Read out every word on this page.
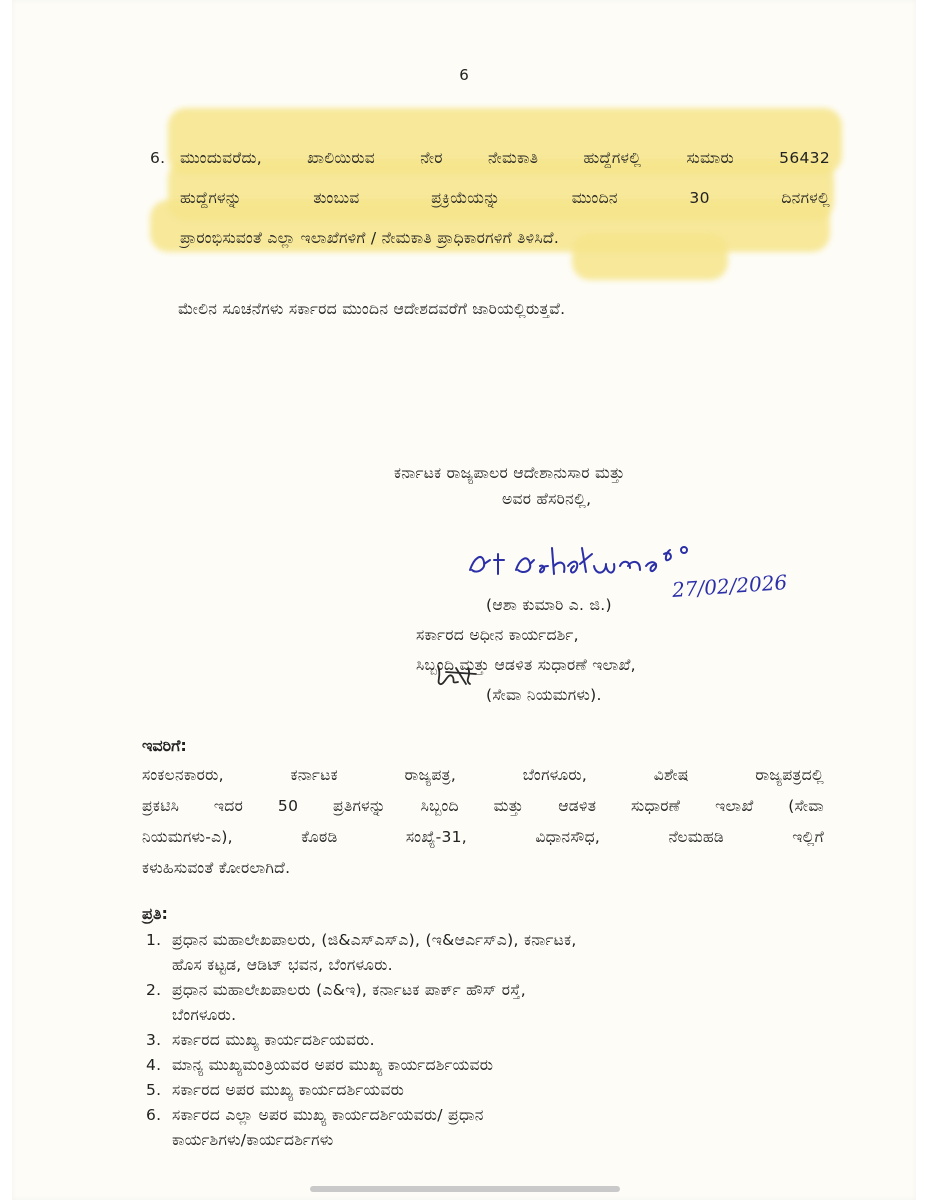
6
6. ಮುಂದುವರೆದು, ಖಾಲಿಯಿರುವ ನೇರ ನೇಮಕಾತಿ ಹುದ್ದೆಗಳಲ್ಲಿ ಸುಮಾರು 56432
ಹುದ್ದೆಗಳನ್ನು ತುಂಬುವ ಪ್ರಕ್ರಿಯೆಯನ್ನು ಮುಂದಿನ 30 ದಿನಗಳಲ್ಲಿ
ಪ್ರಾರಂಭಿಸುವಂತೆ ಎಲ್ಲಾ ಇಲಾಖೆಗಳಿಗೆ / ನೇಮಕಾತಿ ಪ್ರಾಧಿಕಾರಗಳಿಗೆ ತಿಳಿಸಿದೆ.
ಮೇಲಿನ ಸೂಚನೆಗಳು ಸರ್ಕಾರದ ಮುಂದಿನ ಆದೇಶದವರೆಗೆ ಜಾರಿಯಲ್ಲಿರುತ್ತವೆ.
ಕರ್ನಾಟಕ ರಾಜ್ಯಪಾಲರ ಆದೇಶಾನುಸಾರ ಮತ್ತು
ಅವರ ಹೆಸರಿನಲ್ಲಿ,
27/02/2026
(ಆಶಾ ಕುಮಾರಿ ಎ. ಜಿ.)
ಸರ್ಕಾರದ ಅಧೀನ ಕಾರ್ಯದರ್ಶಿ,
ಸಿಬ್ಬಂದಿ ಮತ್ತು ಆಡಳಿತ ಸುಧಾರಣೆ ಇಲಾಖೆ,
(ಸೇವಾ ನಿಯಮಗಳು).
ಇವರಿಗೆ:
ಸಂಕಲನಕಾರರು, ಕರ್ನಾಟಕ ರಾಜ್ಯಪತ್ರ, ಬೆಂಗಳೂರು, ವಿಶೇಷ ರಾಜ್ಯಪತ್ರದಲ್ಲಿ
ಪ್ರಕಟಿಸಿ ಇದರ 50 ಪ್ರತಿಗಳನ್ನು ಸಿಬ್ಬಂದಿ ಮತ್ತು ಆಡಳಿತ ಸುಧಾರಣೆ ಇಲಾಖೆ (ಸೇವಾ
ನಿಯಮಗಳು-ಎ), ಕೊಠಡಿ ಸಂಖ್ಯೆ-31, ವಿಧಾನಸೌಧ, ನೆಲಮಹಡಿ ಇಲ್ಲಿಗೆ
ಕಳುಹಿಸುವಂತೆ ಕೋರಲಾಗಿದೆ.
ಪ್ರತಿ:
1. ಪ್ರಧಾನ ಮಹಾಲೇಖಪಾಲರು, (ಜಿ&ಎಸ್ಎಸ್ಎ), (ಇ&ಆರ್ಎಸ್ಎ), ಕರ್ನಾಟಕ,
ಹೊಸ ಕಟ್ಟಡ, ಆಡಿಟ್ ಭವನ, ಬೆಂಗಳೂರು.
2. ಪ್ರಧಾನ ಮಹಾಲೇಖಪಾಲರು (ಎ&ಇ), ಕರ್ನಾಟಕ ಪಾರ್ಕ್ ಹೌಸ್ ರಸ್ತೆ,
ಬೆಂಗಳೂರು.
3. ಸರ್ಕಾರದ ಮುಖ್ಯ ಕಾರ್ಯದರ್ಶಿಯವರು.
4. ಮಾನ್ಯ ಮುಖ್ಯಮಂತ್ರಿಯವರ ಅಪರ ಮುಖ್ಯ ಕಾರ್ಯದರ್ಶಿಯವರು
5. ಸರ್ಕಾರದ ಅಪರ ಮುಖ್ಯ ಕಾರ್ಯದರ್ಶಿಯವರು
6. ಸರ್ಕಾರದ ಎಲ್ಲಾ ಅಪರ ಮುಖ್ಯ ಕಾರ್ಯದರ್ಶಿಯವರು/ ಪ್ರಧಾನ
ಕಾರ್ಯಶಿಗಳು/ಕಾರ್ಯದರ್ಶಿಗಳು
